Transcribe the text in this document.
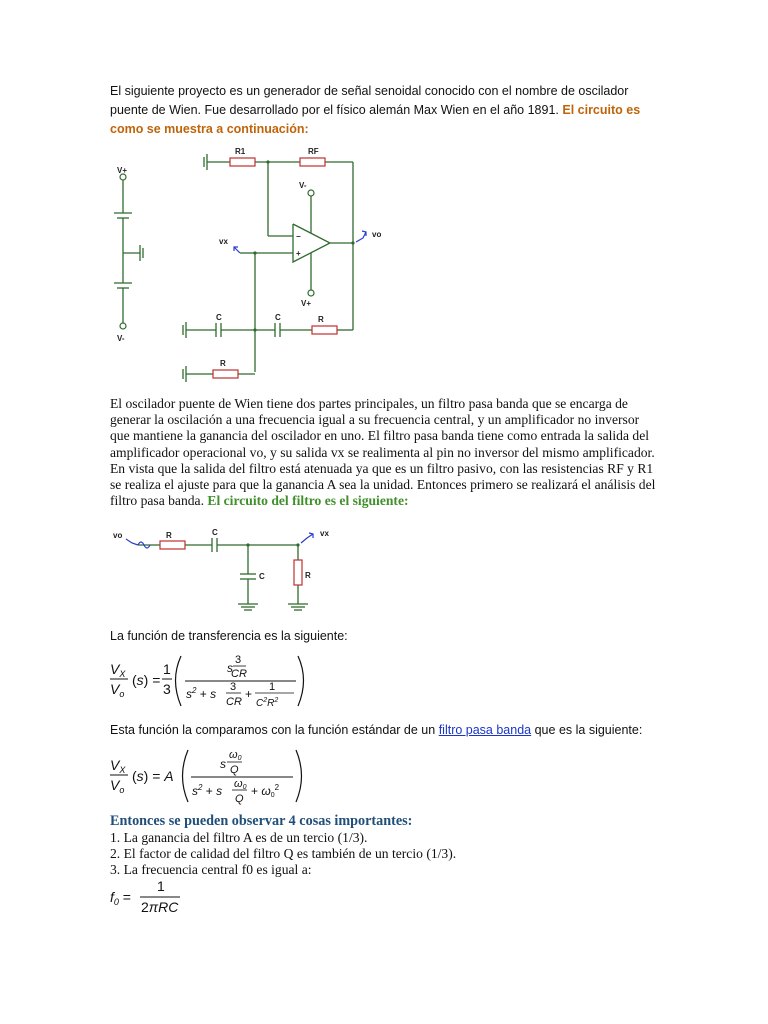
El siguiente proyecto es un generador de señal senoidal conocido con el nombre de oscilador puente de Wien. Fue desarrollado por el físico alemán Max Wien en el año 1891. El circuito es como se muestra a continuación:
V+
V-
R1	RF
V-
V+
−
+
vx
vo
C	C	R
R
El oscilador puente de Wien tiene dos partes principales, un filtro pasa banda que se encarga de generar la oscilación a una frecuencia igual a su frecuencia central, y un amplificador no inversor que mantiene la ganancia del oscilador en uno. El filtro pasa banda tiene como entrada la salida del amplificador operacional vo, y su salida vx se realimenta al pin no inversor del mismo amplificador. En vista que la salida del filtro está atenuada ya que es un filtro pasivo, con las resistencias RF y R1 se realiza el ajuste para que la ganancia A sea la unidad. Entonces primero se realizará el análisis del filtro pasa banda. El circuito del filtro es el siguiente:
vo	vx
R	C
C	R
La función de transferencia es la siguiente:
$V_X$
$V_o$
(s) =
1
3
s
3
CR
$s^2 + s$ 3
CR
+ 1
$C^2R^2$
Esta función la comparamos con la función estándar de un filtro pasa banda que es la siguiente:
$V_X$
$V_o$
(s) = A
s
ω0
Q
$s^2 + s$ ω0
Q
+ $\omega 0^2$
Entonces se pueden observar 4 cosas importantes:
1. La ganancia del filtro A es de un tercio (1/3).
2. El factor de calidad del filtro Q es también de un tercio (1/3).
3. La frecuencia central f0 es igual a:
$f_0$ =
1
2πRC
